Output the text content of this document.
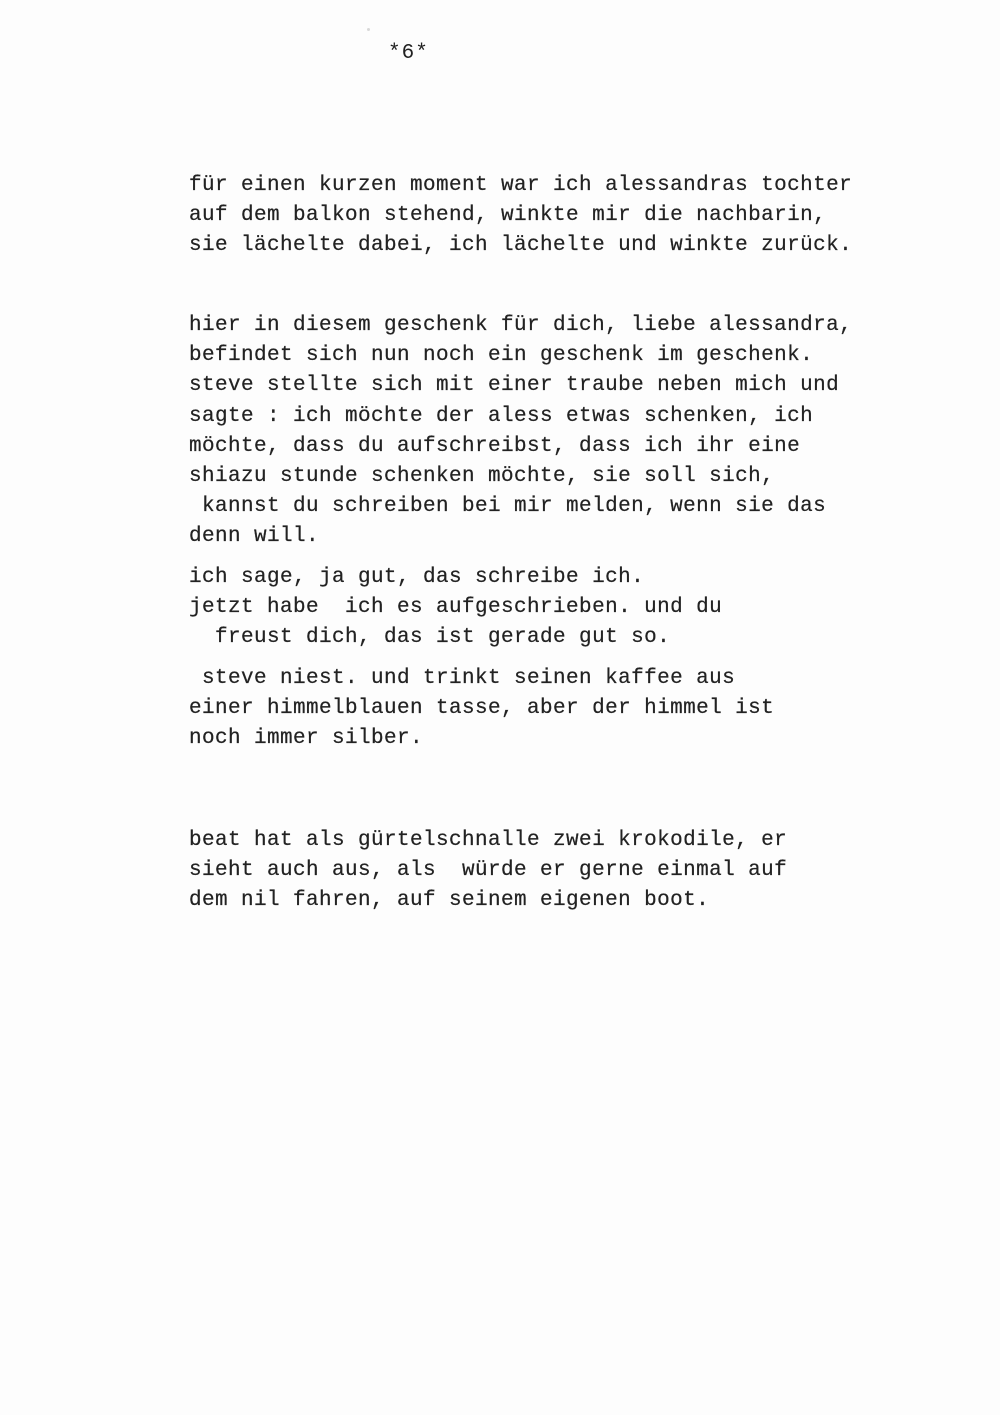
*6*

für einen kurzen moment war ich alessandras tochter

auf dem balkon stehend, winkte mir die nachbarin,

sie lächelte dabei, ich lächelte und winkte zurück.

hier in diesem geschenk für dich, liebe alessandra,

befindet sich nun noch ein geschenk im geschenk.

steve stellte sich mit einer traube neben mich und

sagte : ich möchte der aless etwas schenken, ich

möchte, dass du aufschreibst, dass ich ihr eine

shiazu stunde schenken möchte, sie soll sich,

kannst du schreiben bei mir melden, wenn sie das

denn will.

ich sage, ja gut, das schreibe ich.

jetzt habe  ich es aufgeschrieben. und du

freust dich, das ist gerade gut so.

steve niest. und trinkt seinen kaffee aus

einer himmelblauen tasse, aber der himmel ist

noch immer silber.

beat hat als gürtelschnalle zwei krokodile, er

sieht auch aus, als  würde er gerne einmal auf

dem nil fahren, auf seinem eigenen boot.
